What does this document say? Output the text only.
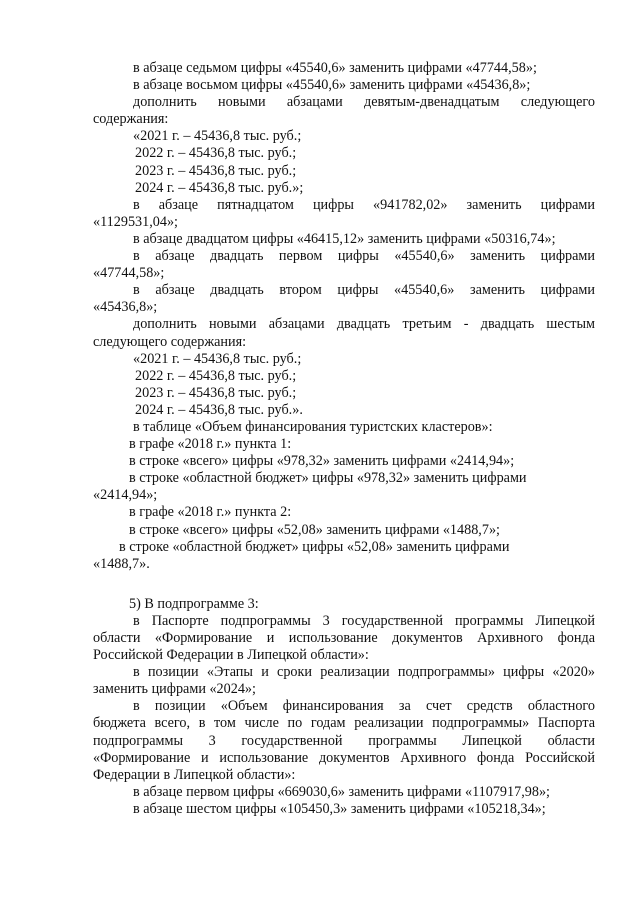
в абзаце седьмом цифры «45540,6» заменить цифрами «47744,58»;
в абзаце восьмом цифры «45540,6» заменить цифрами «45436,8»;
дополнить новыми абзацами девятым-двенадцатым следующего
содержания:
«2021 г. – 45436,8 тыс. руб.;
2022 г. – 45436,8 тыс. руб.;
2023 г. – 45436,8 тыс. руб.;
2024 г. – 45436,8 тыс. руб.»;
в абзаце пятнадцатом цифры «941782,02» заменить цифрами
«1129531,04»;
в абзаце двадцатом цифры «46415,12» заменить цифрами «50316,74»;
в абзаце двадцать первом цифры «45540,6» заменить цифрами
«47744,58»;
в абзаце двадцать втором цифры «45540,6» заменить цифрами
«45436,8»;
дополнить новыми абзацами двадцать третьим - двадцать шестым
следующего содержания:
«2021 г. – 45436,8 тыс. руб.;
2022 г. – 45436,8 тыс. руб.;
2023 г. – 45436,8 тыс. руб.;
2024 г. – 45436,8 тыс. руб.».
в таблице «Объем финансирования туристских кластеров»:
в графе «2018 г.» пункта 1:
в строке «всего» цифры «978,32» заменить цифрами «2414,94»;
в строке «областной бюджет» цифры «978,32» заменить цифрами
«2414,94»;
в графе «2018 г.» пункта 2:
в строке «всего» цифры «52,08» заменить цифрами «1488,7»;
в строке «областной бюджет» цифры «52,08» заменить цифрами
«1488,7».
5) В подпрограмме 3:
в Паспорте подпрограммы 3 государственной программы Липецкой
области «Формирование и использование документов Архивного фонда
Российской Федерации в Липецкой области»:
в позиции «Этапы и сроки реализации подпрограммы» цифры «2020»
заменить цифрами «2024»;
в позиции «Объем финансирования за счет средств областного
бюджета всего, в том числе по годам реализации подпрограммы» Паспорта
подпрограммы 3 государственной программы Липецкой области
«Формирование и использование документов Архивного фонда Российской
Федерации в Липецкой области»:
в абзаце первом цифры «669030,6» заменить цифрами «1107917,98»;
в абзаце шестом цифры «105450,3» заменить цифрами «105218,34»;
